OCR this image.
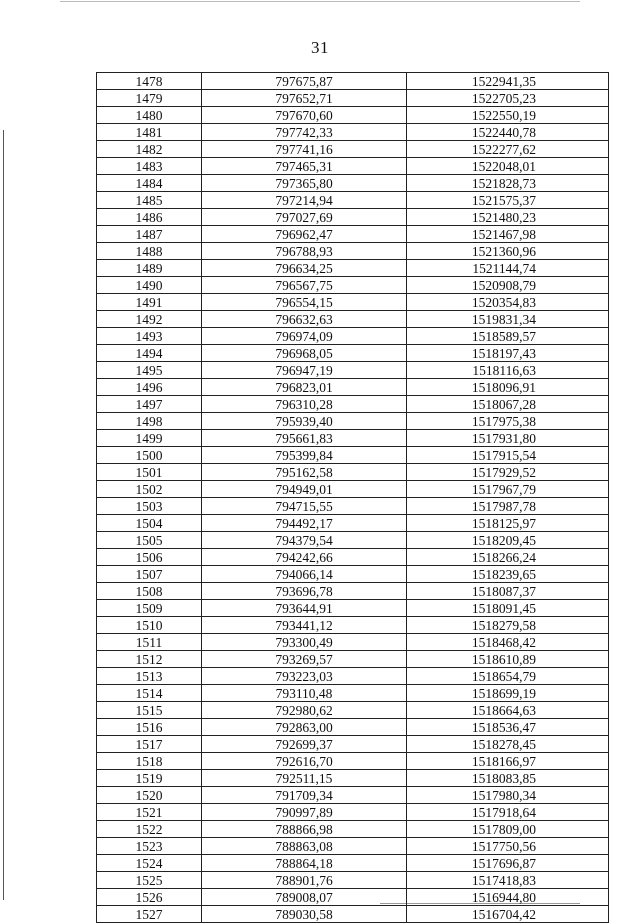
31
1478	797675,87	1522941,35
1479	797652,71	1522705,23
1480	797670,60	1522550,19
1481	797742,33	1522440,78
1482	797741,16	1522277,62
1483	797465,31	1522048,01
1484	797365,80	1521828,73
1485	797214,94	1521575,37
1486	797027,69	1521480,23
1487	796962,47	1521467,98
1488	796788,93	1521360,96
1489	796634,25	1521144,74
1490	796567,75	1520908,79
1491	796554,15	1520354,83
1492	796632,63	1519831,34
1493	796974,09	1518589,57
1494	796968,05	1518197,43
1495	796947,19	1518116,63
1496	796823,01	1518096,91
1497	796310,28	1518067,28
1498	795939,40	1517975,38
1499	795661,83	1517931,80
1500	795399,84	1517915,54
1501	795162,58	1517929,52
1502	794949,01	1517967,79
1503	794715,55	1517987,78
1504	794492,17	1518125,97
1505	794379,54	1518209,45
1506	794242,66	1518266,24
1507	794066,14	1518239,65
1508	793696,78	1518087,37
1509	793644,91	1518091,45
1510	793441,12	1518279,58
1511	793300,49	1518468,42
1512	793269,57	1518610,89
1513	793223,03	1518654,79
1514	793110,48	1518699,19
1515	792980,62	1518664,63
1516	792863,00	1518536,47
1517	792699,37	1518278,45
1518	792616,70	1518166,97
1519	792511,15	1518083,85
1520	791709,34	1517980,34
1521	790997,89	1517918,64
1522	788866,98	1517809,00
1523	788863,08	1517750,56
1524	788864,18	1517696,87
1525	788901,76	1517418,83
1526	789008,07	1516944,80
1527	789030,58	1516704,42
